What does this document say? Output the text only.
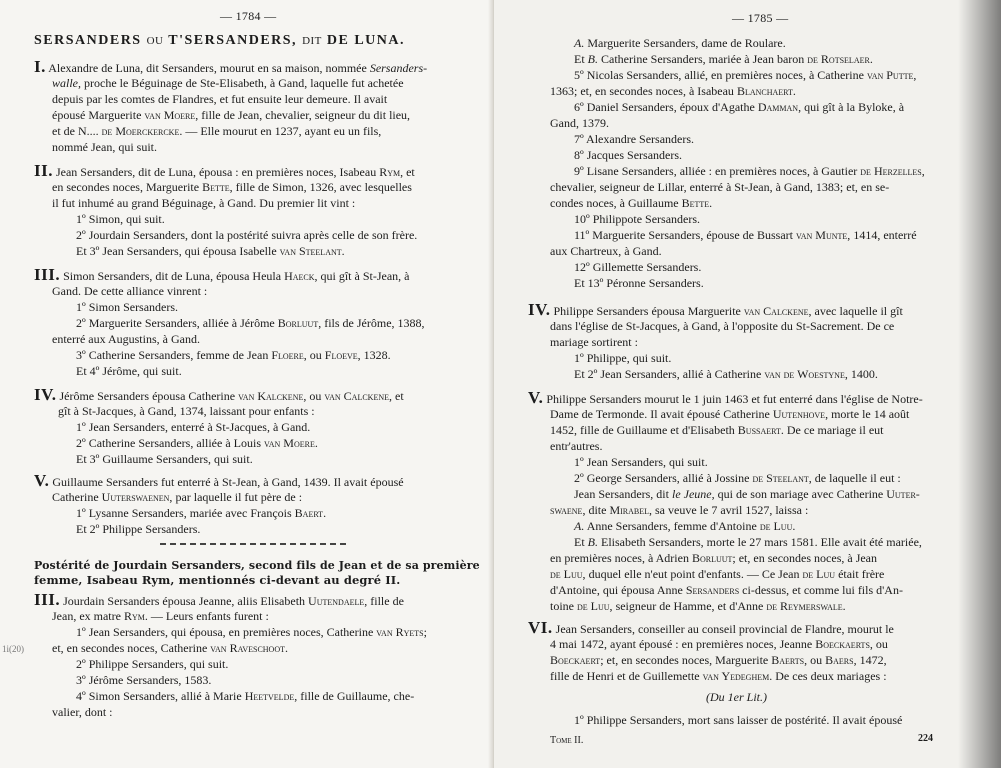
— 1784 —
SERSANDERS OU T'SERSANDERS, DIT DE LUNA.
I. Alexandre de Luna, dit Sersanders, mourut en sa maison, nommée Sersanders-
walle, proche le Béguinage de Ste-Elisabeth, à Gand, laquelle fut achetée
depuis par les comtes de Flandres, et fut ensuite leur demeure. Il avait
épousé Marguerite van Moere, fille de Jean, chevalier, seigneur du dit lieu,
et de N.... de Moerckercke. — Elle mourut en 1237, ayant eu un fils,
nommé Jean, qui suit.
II. Jean Sersanders, dit de Luna, épousa : en premières noces, Isabeau Rym, et
en secondes noces, Marguerite Bette, fille de Simon, 1326, avec lesquelles
il fut inhumé au grand Béguinage, à Gand. Du premier lit vint :
1º Simon, qui suit.
2º Jourdain Sersanders, dont la postérité suivra après celle de son frère.
Et 3º Jean Sersanders, qui épousa Isabelle van Steelant.
III. Simon Sersanders, dit de Luna, épousa Heula Haeck, qui gît à St-Jean, à
Gand. De cette alliance vinrent :
1º Simon Sersanders.
2º Marguerite Sersanders, alliée à Jérôme Borluut, fils de Jérôme, 1388,
enterré aux Augustins, à Gand.
3º Catherine Sersanders, femme de Jean Floere, ou Floeve, 1328.
Et 4º Jérôme, qui suit.
IV. Jérôme Sersanders épousa Catherine van Kalckene, ou van Calckene, et
gît à St-Jacques, à Gand, 1374, laissant pour enfants :
1º Jean Sersanders, enterré à St-Jacques, à Gand.
2º Catherine Sersanders, alliée à Louis van Moere.
Et 3º Guillaume Sersanders, qui suit.
V. Guillaume Sersanders fut enterré à St-Jean, à Gand, 1439. Il avait épousé
Catherine Uuterswaenen, par laquelle il fut père de :
1º Lysanne Sersanders, mariée avec François Baert.
Et 2º Philippe Sersanders.
Postérité de Jourdain Sersanders, second fils de Jean et de sa première
femme, Isabeau Rym, mentionnés ci-devant au degré II.
III. Jourdain Sersanders épousa Jeanne, aliis Elisabeth Uutendaele, fille de
Jean, ex matre Rym. — Leurs enfants furent :
1º Jean Sersanders, qui épousa, en premières noces, Catherine van Ryets;
et, en secondes noces, Catherine van Raveschoot.
2º Philippe Sersanders, qui suit.
3º Jérôme Sersanders, 1583.
4º Simon Sersanders, allié à Marie Heetvelde, fille de Guillaume, che-
valier, dont :
1i(20)
— 1785 —
A. Marguerite Sersanders, dame de Roulare.
Et B. Catherine Sersanders, mariée à Jean baron de Rotselaer.
5º Nicolas Sersanders, allié, en premières noces, à Catherine van Putte,
1363; et, en secondes noces, à Isabeau Blanchaert.
6º Daniel Sersanders, époux d'Agathe Damman, qui gît à la Byloke, à
Gand, 1379.
7º Alexandre Sersanders.
8º Jacques Sersanders.
9º Lisane Sersanders, alliée : en premières noces, à Gautier de Herzelles,
chevalier, seigneur de Lillar, enterré à St-Jean, à Gand, 1383; et, en se-
condes noces, à Guillaume Bette.
10º Philippote Sersanders.
11º Marguerite Sersanders, épouse de Bussart van Munte, 1414, enterré
aux Chartreux, à Gand.
12º Gillemette Sersanders.
Et 13º Péronne Sersanders.
IV. Philippe Sersanders épousa Marguerite van Calckene, avec laquelle il gît
dans l'église de St-Jacques, à Gand, à l'opposite du St-Sacrement. De ce
mariage sortirent :
1º Philippe, qui suit.
Et 2º Jean Sersanders, allié à Catherine van de Woestyne, 1400.
V. Philippe Sersanders mourut le 1 juin 1463 et fut enterré dans l'église de Notre-
Dame de Termonde. Il avait épousé Catherine Uutenhove, morte le 14 août
1452, fille de Guillaume et d'Elisabeth Bussaert. De ce mariage il eut
entr'autres.
1º Jean Sersanders, qui suit.
2º George Sersanders, allié à Jossine de Steelant, de laquelle il eut :
Jean Sersanders, dit le Jeune, qui de son mariage avec Catherine Uuter-
swaene, dite Mirabel, sa veuve le 7 avril 1527, laissa :
A. Anne Sersanders, femme d'Antoine de Luu.
Et B. Elisabeth Sersanders, morte le 27 mars 1581. Elle avait été mariée,
en premières noces, à Adrien Borluut; et, en secondes noces, à Jean
de Luu, duquel elle n'eut point d'enfants. — Ce Jean de Luu était frère
d'Antoine, qui épousa Anne Sersanders ci-dessus, et comme lui fils d'An-
toine de Luu, seigneur de Hamme, et d'Anne de Reymerswale.
VI. Jean Sersanders, conseiller au conseil provincial de Flandre, mourut le
4 mai 1472, ayant épousé : en premières noces, Jeanne Boeckaerts, ou
Boeckaert; et, en secondes noces, Marguerite Baerts, ou Baers, 1472,
fille de Henri et de Guillemette van Yedeghem. De ces deux mariages :
(Du 1er Lit.)
1º Philippe Sersanders, mort sans laisser de postérité. Il avait épousé
Tome II.	224
